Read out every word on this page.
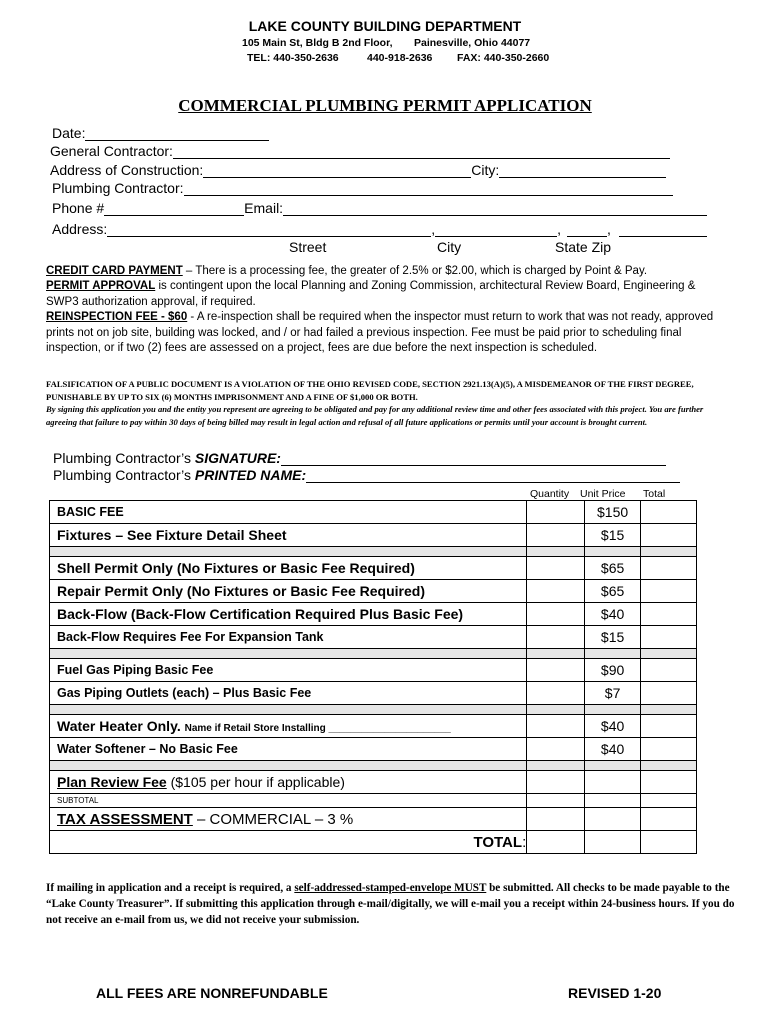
LAKE COUNTY BUILDING DEPARTMENT
105 Main St, Bldg B 2nd Floor, Painesville, Ohio 44077
TEL: 440-350-2636	440-918-2636 FAX: 440-350-2660
COMMERCIAL PLUMBING PERMIT APPLICATION
Date:
General Contractor:
Address of Construction:	City:
Plumbing Contractor:
Phone #	Email:
Address:	,	,	,
Street	City	State Zip
CREDIT CARD PAYMENT – There is a processing fee, the greater of 2.5% or $2.00, which is charged by Point & Pay.
PERMIT APPROVAL is contingent upon the local Planning and Zoning Commission, architectural Review Board, Engineering & SWP3 authorization approval, if required.
REINSPECTION FEE - $60 - A re-inspection shall be required when the inspector must return to work that was not ready, approved prints not on job site, building was locked, and / or had failed a previous inspection. Fee must be paid prior to scheduling final inspection, or if two (2) fees are assessed on a project, fees are due before the next inspection is scheduled.
FALSIFICATION OF A PUBLIC DOCUMENT IS A VIOLATION OF THE OHIO REVISED CODE, SECTION 2921.13(A)(5), A MISDEMEANOR OF THE FIRST DEGREE, PUNISHABLE BY UP TO SIX (6) MONTHS IMPRISONMENT AND A FINE OF $1,000 OR BOTH.
By signing this application you and the entity you represent are agreeing to be obligated and pay for any additional review time and other fees associated with this project. You are further agreeing that failure to pay within 30 days of being billed may result in legal action and refusal of all future applications or permits until your account is brought current.
Plumbing Contractor’s SIGNATURE:
Plumbing Contractor’s PRINTED NAME:
Quantity Unit Price Total
BASIC FEE		$150	
Fixtures – See Fixture Detail Sheet		$15	

Shell Permit Only (No Fixtures or Basic Fee Required)		$65	
Repair Permit Only (No Fixtures or Basic Fee Required)		$65	
Back-Flow (Back-Flow Certification Required Plus Basic Fee)		$40	
Back-Flow Requires Fee For Expansion Tank		$15	

Fuel Gas Piping Basic Fee		$90	
Gas Piping Outlets (each) – Plus Basic Fee		$7	

Water Heater Only. Name if Retail Store Installing ______________________		$40	
Water Softener – No Basic Fee		$40	

Plan Review Fee ($105 per hour if applicable)			
SUBTOTAL			
TAX ASSESSMENT – COMMERCIAL – 3 %			
TOTAL:			
If mailing in application and a receipt is required, a self-addressed-stamped-envelope MUST be submitted. All checks to be made payable to the “Lake County Treasurer”. If submitting this application through e-mail/digitally, we will e-mail you a receipt within 24-business hours. If you do not receive an e-mail from us, we did not receive your submission.
ALL FEES ARE NONREFUNDABLE	REVISED 1-20
